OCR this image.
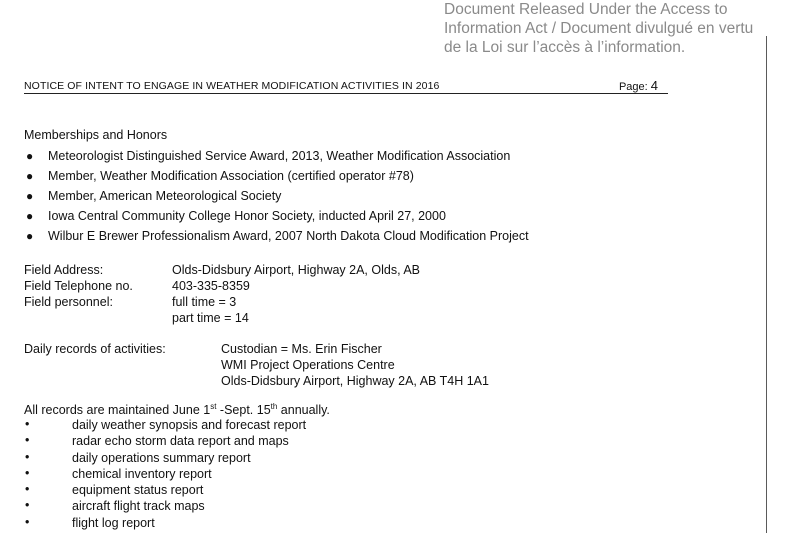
Document Released Under the Access to
Information Act / Document divulgué en vertu
de la Loi sur l’accès à l’information.
NOTICE OF INTENT TO ENGAGE IN WEATHER MODIFICATION ACTIVITIES IN 2016	Page: 4
Memberships and Honors
● Meteorologist Distinguished Service Award, 2013, Weather Modification Association
● Member, Weather Modification Association (certified operator #78)
● Member, American Meteorological Society
● Iowa Central Community College Honor Society, inducted April 27, 2000
● Wilbur E Brewer Professionalism Award, 2007 North Dakota Cloud Modification Project
Field Address:	Olds-Didsbury Airport, Highway 2A, Olds, AB
Field Telephone no.	403-335-8359
Field personnel:	full time = 3
part time = 14
Daily records of activities:	Custodian = Ms. Erin Fischer
WMI Project Operations Centre
Olds-Didsbury Airport, Highway 2A, AB T4H 1A1
All records are maintained June 1st -Sept. 15th annually.
•	daily weather synopsis and forecast report
•	radar echo storm data report and maps
•	daily operations summary report
•	chemical inventory report
•	equipment status report
•	aircraft flight track maps
•	flight log report
